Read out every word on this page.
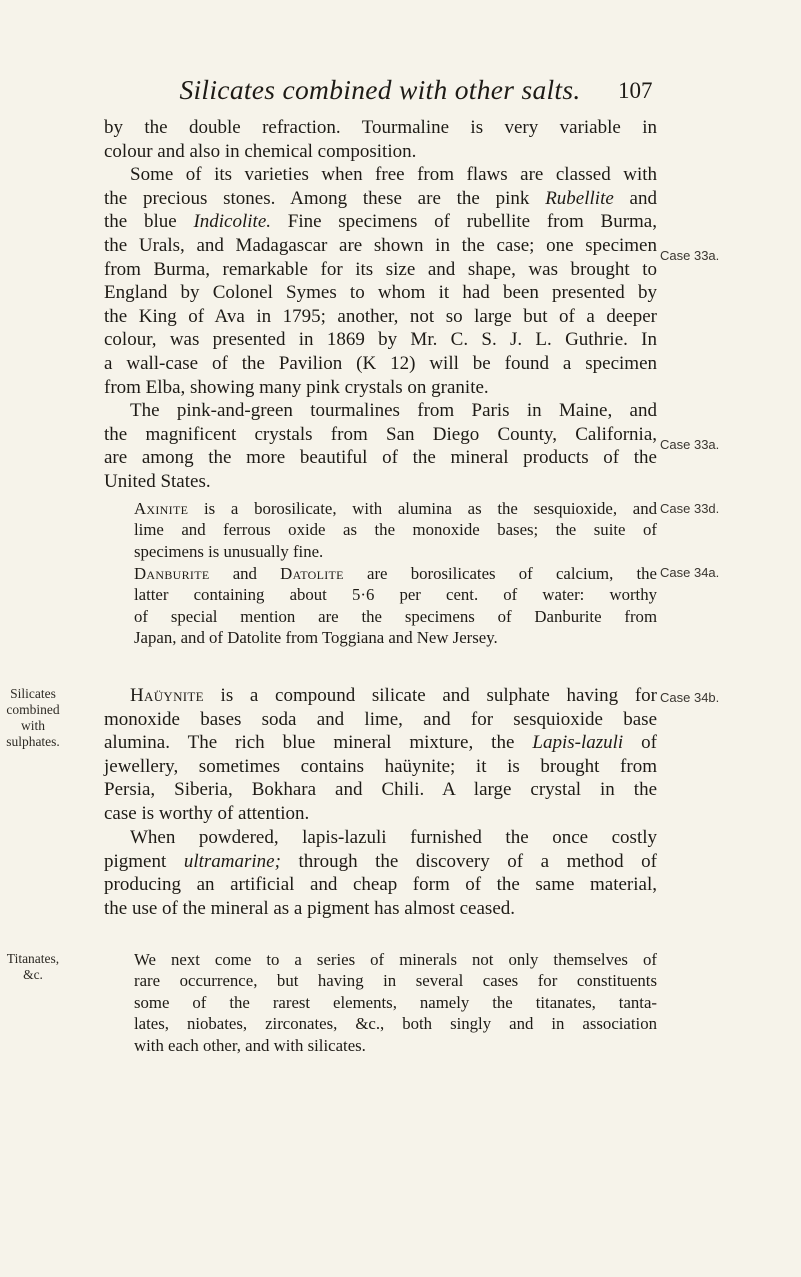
Silicates combined with other salts.	107
by the double refraction. Tourmaline is very variable in
colour and also in chemical composition.
Some of its varieties when free from flaws are classed with
the precious stones. Among these are the pink Rubellite and
the blue Indicolite. Fine specimens of rubellite from Burma,
the Urals, and Madagascar are shown in the case; one specimen
from Burma, remarkable for its size and shape, was brought to
England by Colonel Symes to whom it had been presented by
the King of Ava in 1795; another, not so large but of a deeper
colour, was presented in 1869 by Mr. C. S. J. L. Guthrie. In
a wall-case of the Pavilion (K 12) will be found a specimen
from Elba, showing many pink crystals on granite.
The pink-and-green tourmalines from Paris in Maine, and
the magnificent crystals from San Diego County, California,
are among the more beautiful of the mineral products of the
United States.
Axinite is a borosilicate, with alumina as the sesquioxide, and
lime and ferrous oxide as the monoxide bases; the suite of
specimens is unusually fine.
Danburite and Datolite are borosilicates of calcium, the
latter containing about 5·6 per cent. of water: worthy
of special mention are the specimens of Danburite from
Japan, and of Datolite from Toggiana and New Jersey.
Haüynite is a compound silicate and sulphate having for
monoxide bases soda and lime, and for sesquioxide base
alumina. The rich blue mineral mixture, the Lapis-lazuli of
jewellery, sometimes contains haüynite; it is brought from
Persia, Siberia, Bokhara and Chili. A large crystal in the
case is worthy of attention.
When powdered, lapis-lazuli furnished the once costly
pigment ultramarine; through the discovery of a method of
producing an artificial and cheap form of the same material,
the use of the mineral as a pigment has almost ceased.
We next come to a series of minerals not only themselves of
rare occurrence, but having in several cases for constituents
some of the rarest elements, namely the titanates, tanta-
lates, niobates, zirconates, &c., both singly and in association
with each other, and with silicates.
Case 33a.
Case 33a.
Case 33d.
Case 34a.
Case 34b.
Silicates
combined
with
sulphates.
Titanates,
&c.
